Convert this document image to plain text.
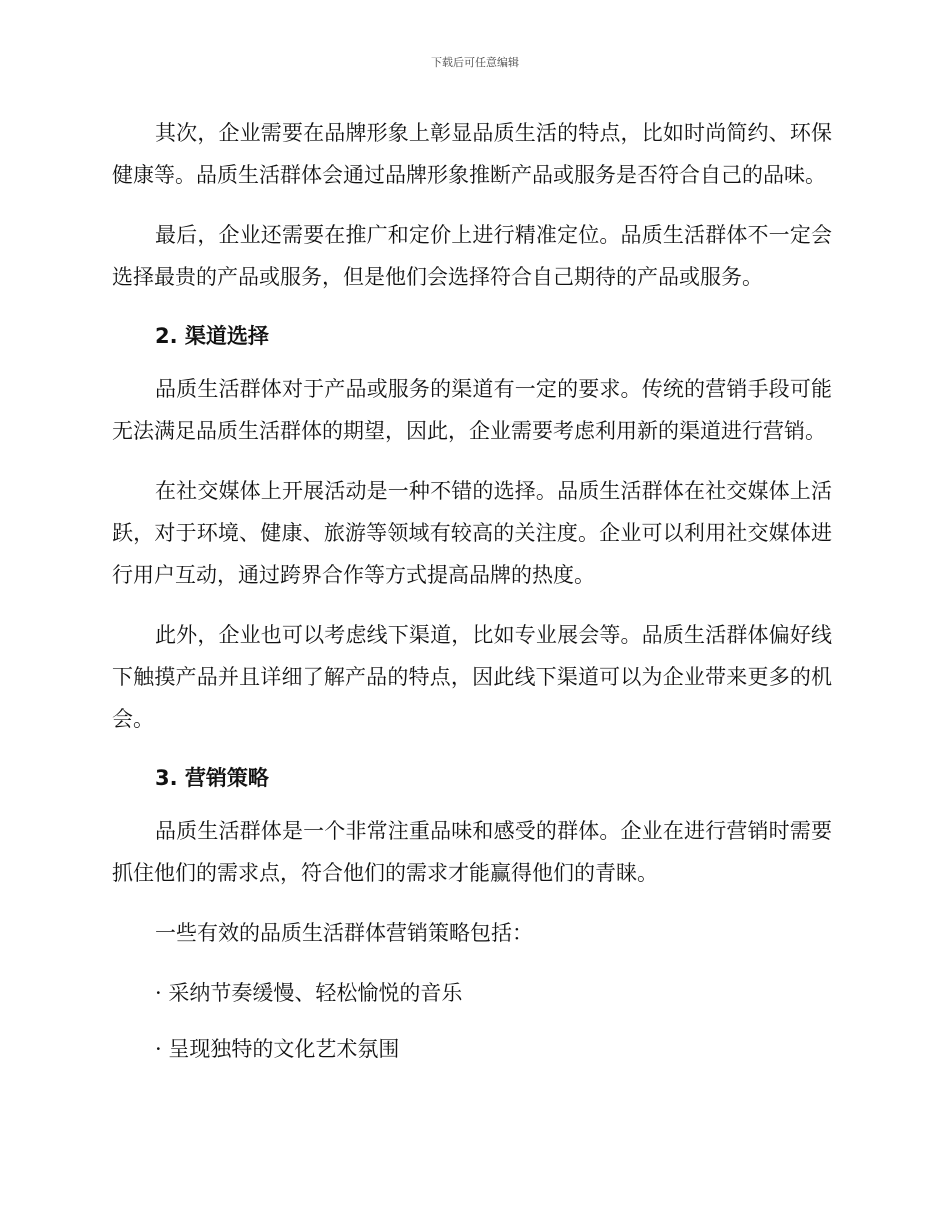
下载后可任意编辑

其次，企业需要在品牌形象上彰显品质生活的特点，比如时尚简约、环保健康等。品质生活群体会通过品牌形象推断产品或服务是否符合自己的品味。

最后，企业还需要在推广和定价上进行精准定位。品质生活群体不一定会选择最贵的产品或服务，但是他们会选择符合自己期待的产品或服务。

2. 渠道选择

品质生活群体对于产品或服务的渠道有一定的要求。传统的营销手段可能无法满足品质生活群体的期望，因此，企业需要考虑利用新的渠道进行营销。

在社交媒体上开展活动是一种不错的选择。品质生活群体在社交媒体上活跃，对于环境、健康、旅游等领域有较高的关注度。企业可以利用社交媒体进行用户互动，通过跨界合作等方式提高品牌的热度。

此外，企业也可以考虑线下渠道，比如专业展会等。品质生活群体偏好线下触摸产品并且详细了解产品的特点，因此线下渠道可以为企业带来更多的机会。

3. 营销策略

品质生活群体是一个非常注重品味和感受的群体。企业在进行营销时需要抓住他们的需求点，符合他们的需求才能赢得他们的青睐。

一些有效的品质生活群体营销策略包括：

· 采纳节奏缓慢、轻松愉悦的音乐
· 呈现独特的文化艺术氛围
